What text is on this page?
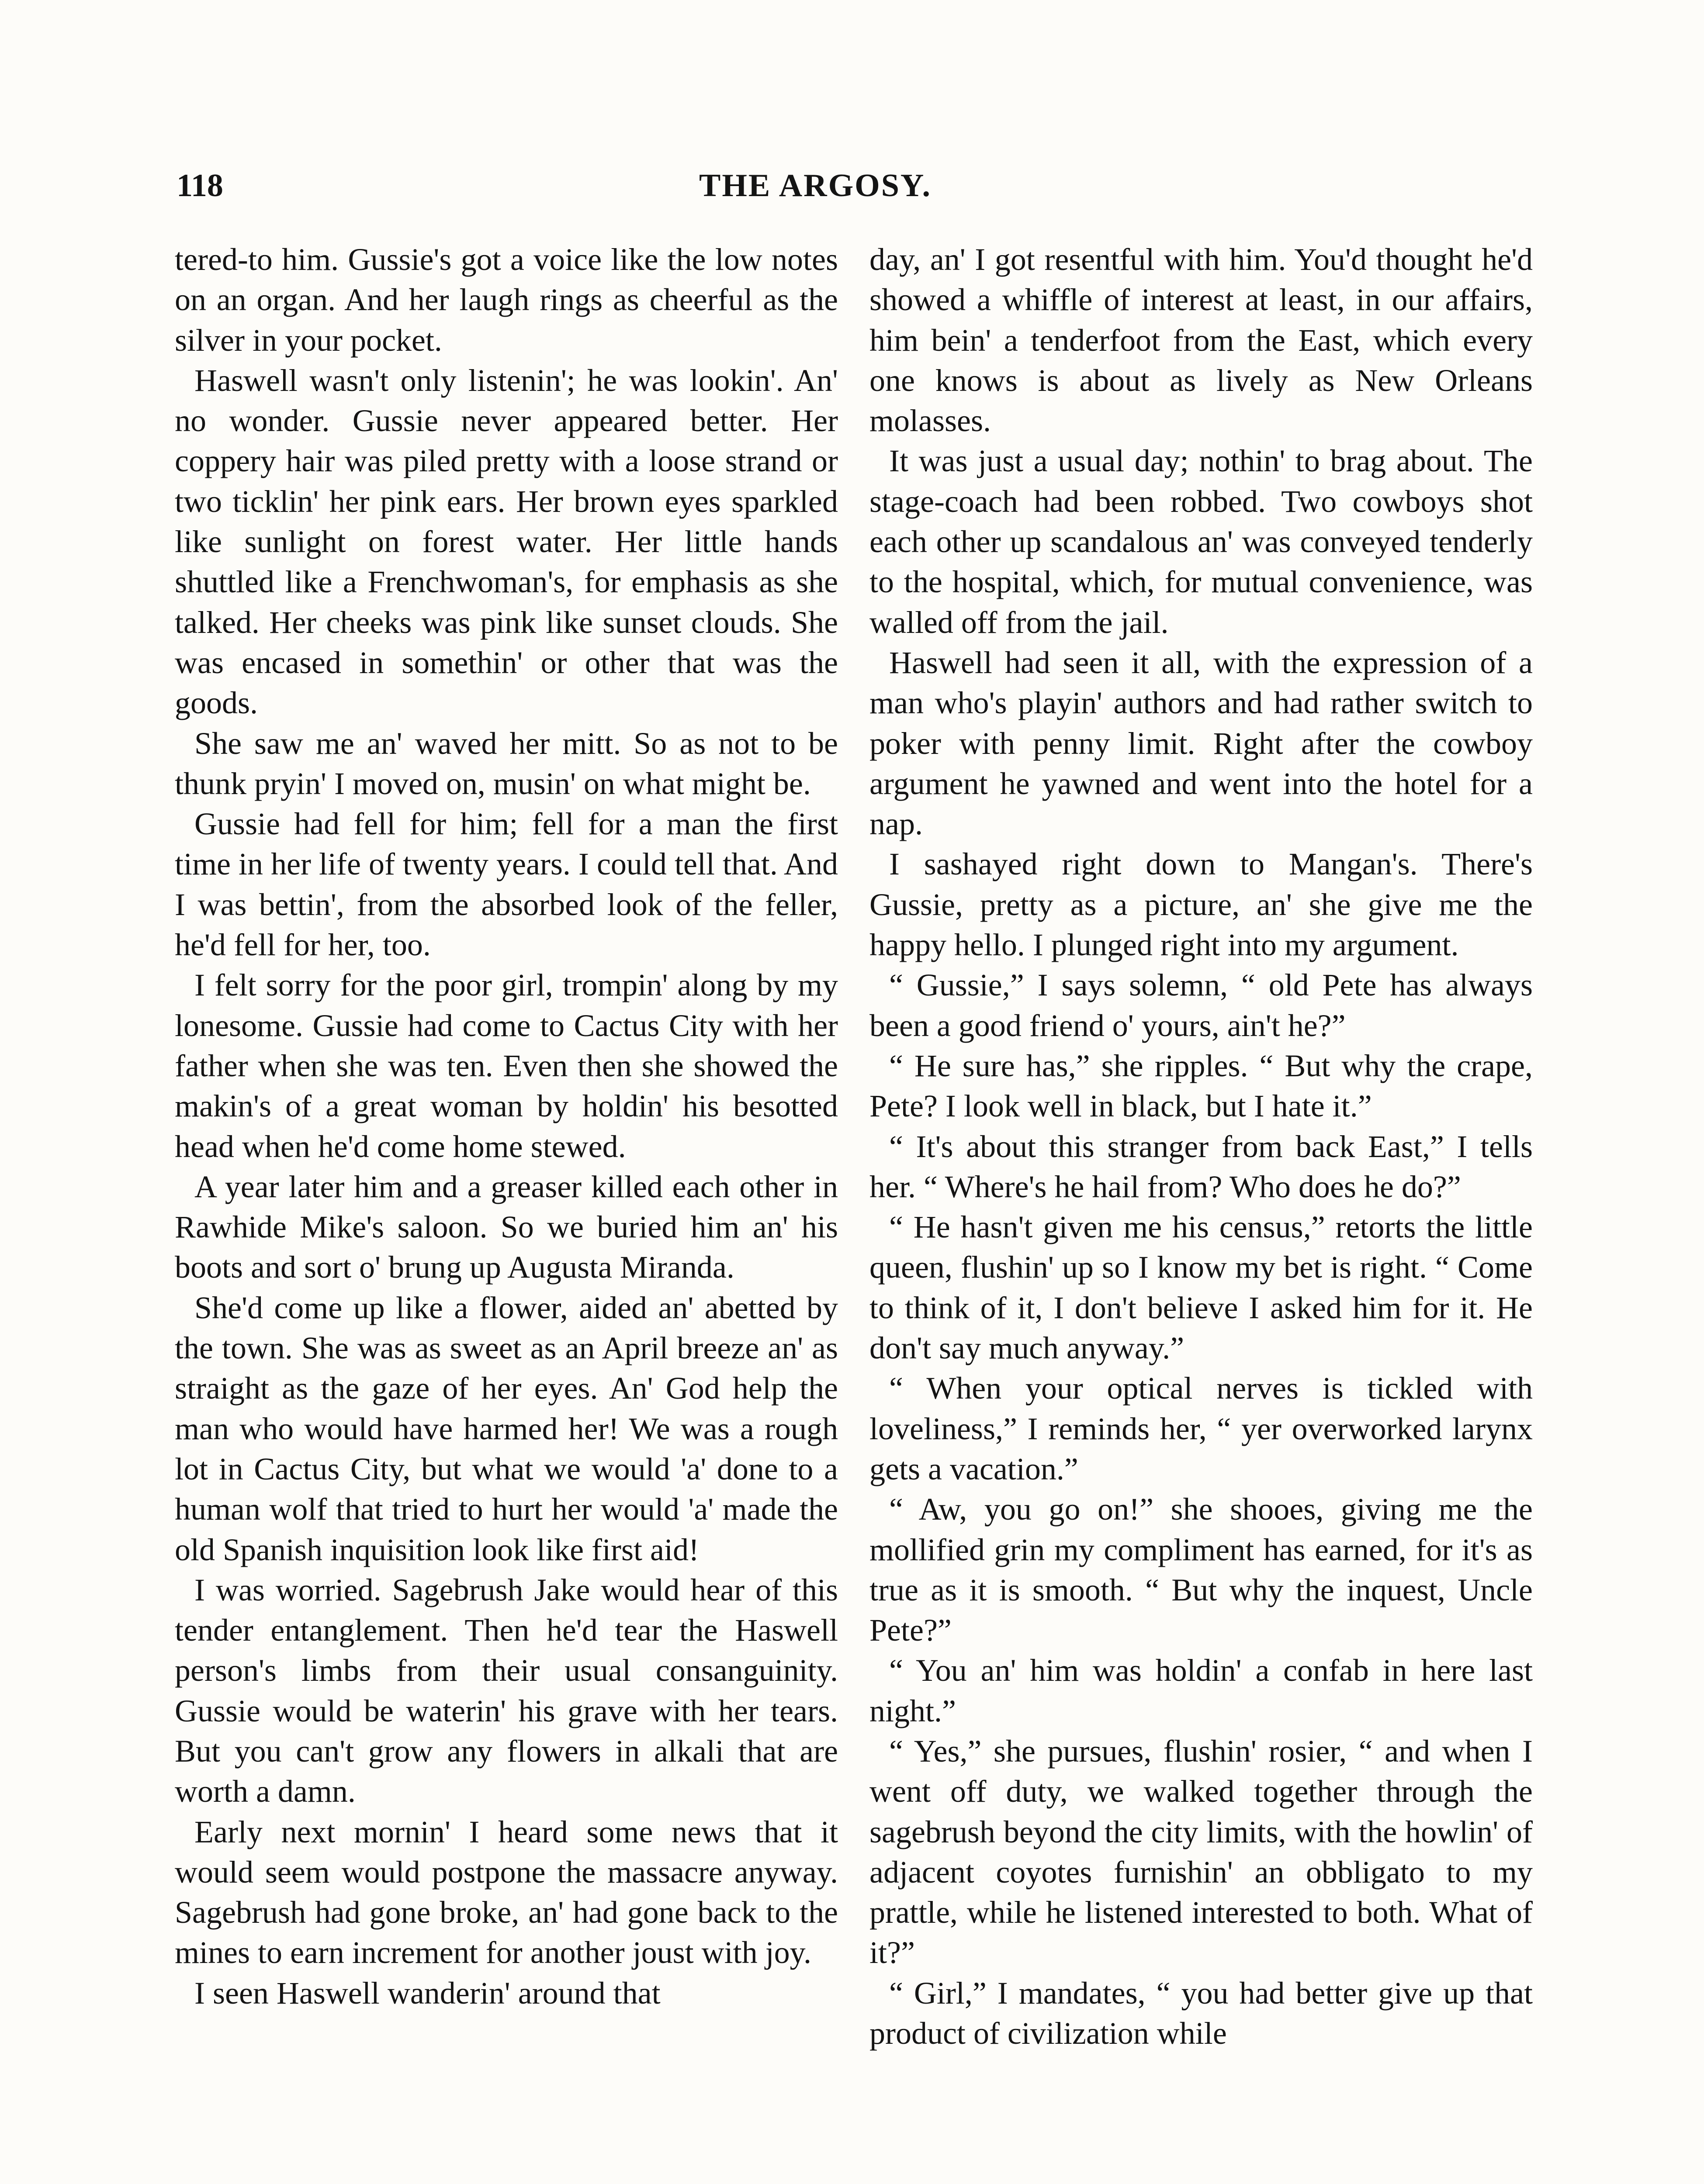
118	THE ARGOSY.

tered-to him. Gussie's got a voice like the low notes on an organ. And her laugh rings as cheerful as the silver in your pocket.

Haswell wasn't only listenin'; he was lookin'. An' no wonder. Gussie never appeared better. Her coppery hair was piled pretty with a loose strand or two ticklin' her pink ears. Her brown eyes sparkled like sunlight on forest water. Her little hands shuttled like a Frenchwoman's, for emphasis as she talked. Her cheeks was pink like sunset clouds. She was encased in somethin' or other that was the goods.

She saw me an' waved her mitt. So as not to be thunk pryin' I moved on, musin' on what might be.

Gussie had fell for him; fell for a man the first time in her life of twenty years. I could tell that. And I was bettin', from the absorbed look of the feller, he'd fell for her, too.

I felt sorry for the poor girl, trompin' along by my lonesome. Gussie had come to Cactus City with her father when she was ten. Even then she showed the makin's of a great woman by holdin' his besotted head when he'd come home stewed.

A year later him and a greaser killed each other in Rawhide Mike's saloon. So we buried him an' his boots and sort o' brung up Augusta Miranda.

She'd come up like a flower, aided an' abetted by the town. She was as sweet as an April breeze an' as straight as the gaze of her eyes. An' God help the man who would have harmed her! We was a rough lot in Cactus City, but what we would 'a' done to a human wolf that tried to hurt her would 'a' made the old Spanish inquisition look like first aid!

I was worried. Sagebrush Jake would hear of this tender entanglement. Then he'd tear the Haswell person's limbs from their usual consanguinity. Gussie would be waterin' his grave with her tears. But you can't grow any flowers in alkali that are worth a damn.

Early next mornin' I heard some news that it would seem would postpone the massacre anyway. Sagebrush had gone broke, an' had gone back to the mines to earn increment for another joust with joy.

I seen Haswell wanderin' around that

day, an' I got resentful with him. You'd thought he'd showed a whiffle of interest at least, in our affairs, him bein' a tenderfoot from the East, which every one knows is about as lively as New Orleans molasses.

It was just a usual day; nothin' to brag about. The stage-coach had been robbed. Two cowboys shot each other up scandalous an' was conveyed tenderly to the hospital, which, for mutual convenience, was walled off from the jail.

Haswell had seen it all, with the expression of a man who's playin' authors and had rather switch to poker with penny limit. Right after the cowboy argument he yawned and went into the hotel for a nap.

I sashayed right down to Mangan's. There's Gussie, pretty as a picture, an' she give me the happy hello. I plunged right into my argument.

“ Gussie,” I says solemn, “ old Pete has always been a good friend o' yours, ain't he?”

“ He sure has,” she ripples. “ But why the crape, Pete? I look well in black, but I hate it.”

“ It's about this stranger from back East,” I tells her. “ Where's he hail from? Who does he do?”

“ He hasn't given me his census,” retorts the little queen, flushin' up so I know my bet is right. “ Come to think of it, I don't believe I asked him for it. He don't say much anyway.”

“ When your optical nerves is tickled with loveliness,” I reminds her, “ yer overworked larynx gets a vacation.”

“ Aw, you go on!” she shooes, giving me the mollified grin my compliment has earned, for it's as true as it is smooth. “ But why the inquest, Uncle Pete?”

“ You an' him was holdin' a confab in here last night.”

“ Yes,” she pursues, flushin' rosier, “ and when I went off duty, we walked together through the sagebrush beyond the city limits, with the howlin' of adjacent coyotes furnishin' an obbligato to my prattle, while he listened interested to both. What of it?”

“ Girl,” I mandates, “ you had better give up that product of civilization while
